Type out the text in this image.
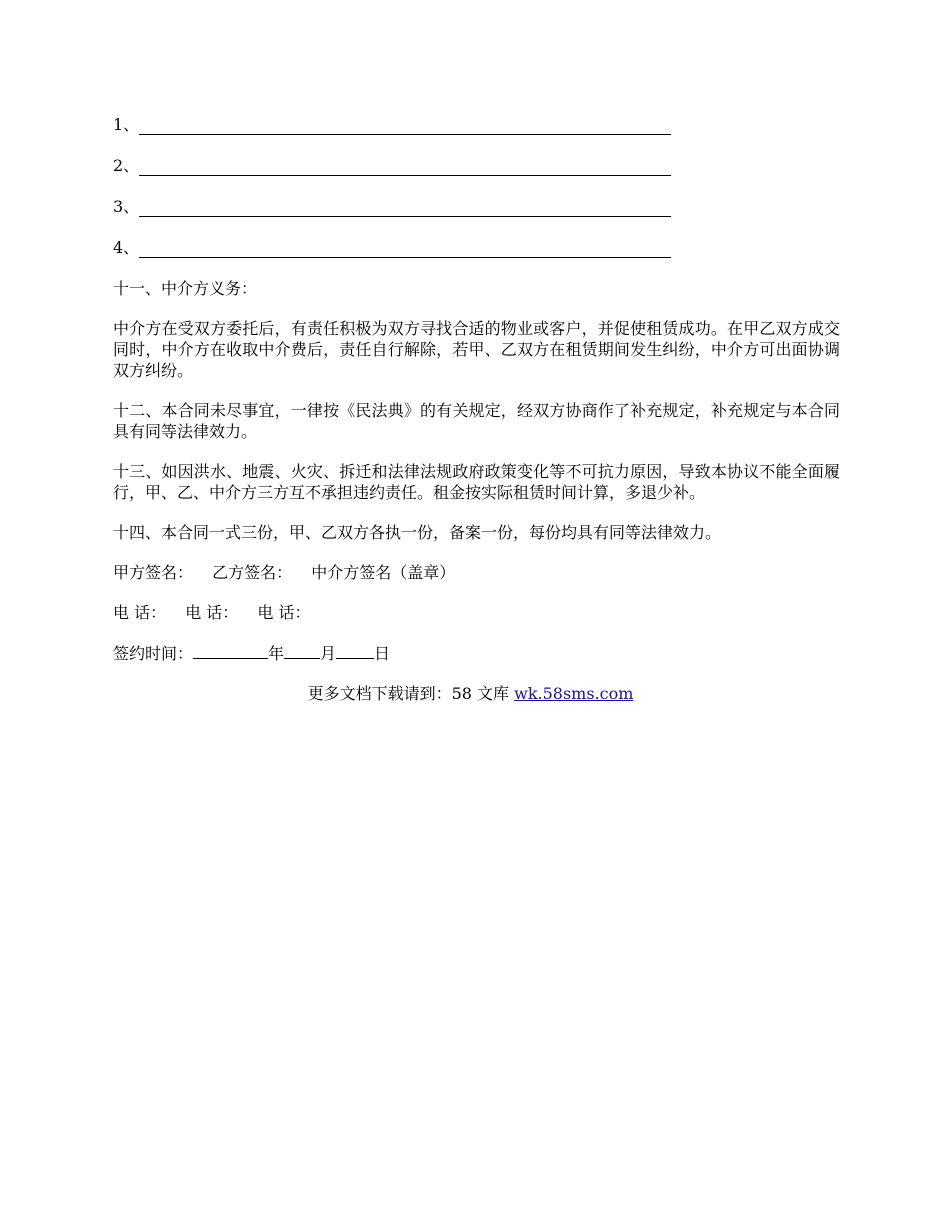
1、
2、
3、
4、

十一、中介方义务：

中介方在受双方委托后，有责任积极为双方寻找合适的物业或客户，并促使租赁成功。在甲乙双方成交同时，中介方在收取中介费后，责任自行解除，若甲、乙双方在租赁期间发生纠纷，中介方可出面协调双方纠纷。

十二、本合同未尽事宜，一律按《民法典》的有关规定，经双方协商作了补充规定，补充规定与本合同具有同等法律效力。

十三、如因洪水、地震、火灾、拆迁和法律法规政府政策变化等不可抗力原因，导致本协议不能全面履行，甲、乙、中介方三方互不承担违约责任。租金按实际租赁时间计算，多退少补。

十四、本合同一式三份，甲、乙双方各执一份，备案一份，每份均具有同等法律效力。

甲方签名： 乙方签名： 中介方签名（盖章）
电 话： 电 话： 电 话：
签约时间：	年 月 日

更多文档下载请到：58 文库 wk.58sms.com
